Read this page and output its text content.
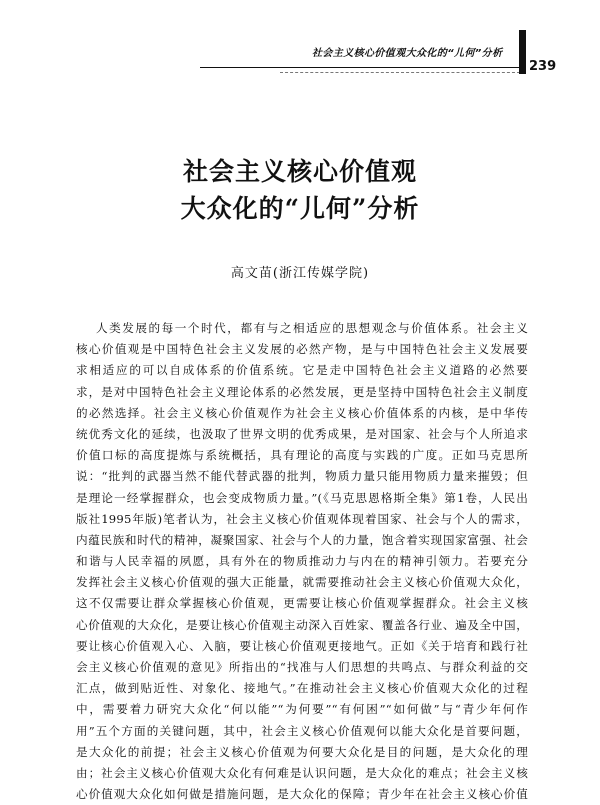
社会主义核心价值观大众化的“儿何”分析
239
社会主义核心价值观
大众化的“儿何”分析
高文苗(浙江传媒学院)
人类发展的每一个时代，都有与之相适应的思想观念与价值体系。社会主义
核心价值观是中国特色社会主义发展的必然产物，是与中国特色社会主义发展要
求相适应的可以自成体系的价值系统。它是走中国特色社会主义道路的必然要
求，是对中国特色社会主义理论体系的必然发展，更是坚持中国特色社会主义制度
的必然选择。社会主义核心价值观作为社会主义核心价值体系的内核，是中华传
统优秀文化的延续，也汲取了世界文明的优秀成果，是对国家、社会与个人所追求
价值口标的高度提炼与系统概括，具有理论的高度与实践的广度。正如马克思所
说：“批判的武器当然不能代替武器的批判，物质力量只能用物质力量来摧毁；但
是理论一经掌握群众，也会变成物质力量。”(《马克思恩格斯全集》第1卷，人民出
版社1995年版)笔者认为，社会主义核心价值观体现着国家、社会与个人的需求，
内蕴民族和时代的精神，凝聚国家、社会与个人的力量，饱含着实现国家富强、社会
和谐与人民幸福的夙愿，具有外在的物质推动力与内在的精神引领力。若要充分
发挥社会主义核心价值观的强大正能量，就需要推动社会主义核心价值观大众化，
这不仅需要让群众掌握核心价值观，更需要让核心价值观掌握群众。社会主义核
心价值观的大众化，是要让核心价值观主动深入百姓家、覆盖各行业、遍及全中国，
要让核心价值观入心、入脑，要让核心价值观更接地气。正如《关于培育和践行社
会主义核心价值观的意见》所指出的“找准与人们思想的共鸣点、与群众利益的交
汇点，做到贴近性、对象化、接地气。”在推动社会主义核心价值观大众化的过程
中，需要着力研究大众化“何以能”“为何要”“有何困”“如何做”与“青少年何作
用”五个方面的关键问题，其中，社会主义核心价值观何以能大众化是首要问题，
是大众化的前提；社会主义核心价值观为何要大众化是目的问题，是大众化的理
由；社会主义核心价值观大众化有何难是认识问题，是大众化的难点；社会主义核
心价值观大众化如何做是措施问题，是大众化的保障；青少年在社会主义核心价值
